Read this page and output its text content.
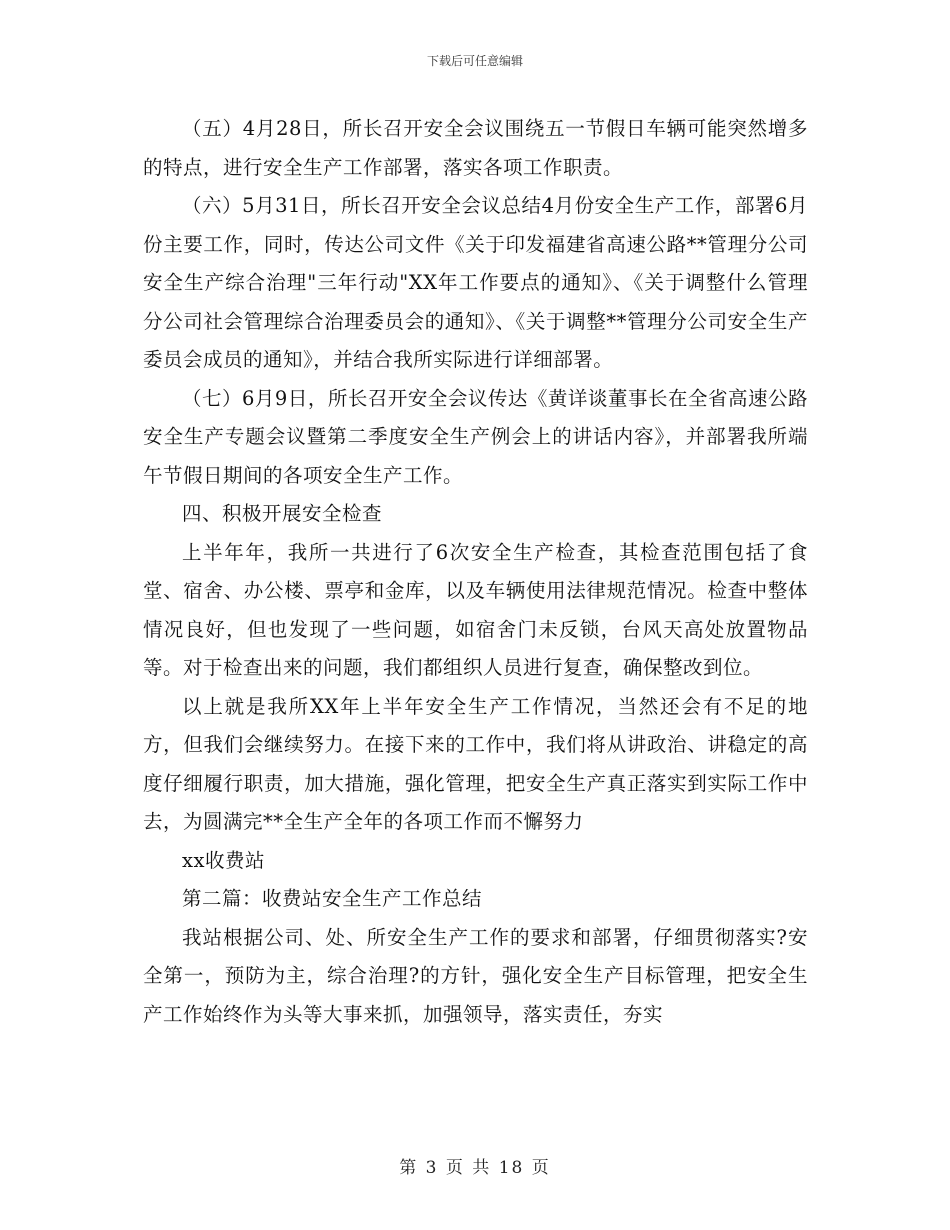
下载后可任意编辑

（五）4月28日，所长召开安全会议围绕五一节假日车辆可能突然增多的特点，进行安全生产工作部署，落实各项工作职责。

（六）5月31日，所长召开安全会议总结4月份安全生产工作，部署6月份主要工作，同时，传达公司文件《关于印发福建省高速公路**管理分公司安全生产综合治理"三年行动"XX年工作要点的通知》、《关于调整什么管理分公司社会管理综合治理委员会的通知》、《关于调整**管理分公司安全生产委员会成员的通知》，并结合我所实际进行详细部署。

（七）6月9日，所长召开安全会议传达《黄详谈董事长在全省高速公路安全生产专题会议暨第二季度安全生产例会上的讲话内容》，并部署我所端午节假日期间的各项安全生产工作。

四、积极开展安全检查

上半年年，我所一共进行了6次安全生产检查，其检查范围包括了食堂、宿舍、办公楼、票亭和金库，以及车辆使用法律规范情况。检查中整体情况良好，但也发现了一些问题，如宿舍门未反锁，台风天高处放置物品等。对于检查出来的问题，我们都组织人员进行复查，确保整改到位。

以上就是我所XX年上半年安全生产工作情况，当然还会有不足的地方，但我们会继续努力。在接下来的工作中，我们将从讲政治、讲稳定的高度仔细履行职责，加大措施，强化管理，把安全生产真正落实到实际工作中去，为圆满完**全生产全年的各项工作而不懈努力

xx收费站

第二篇：收费站安全生产工作总结

我站根据公司、处、所安全生产工作的要求和部署，仔细贯彻落实?安全第一，预防为主，综合治理?的方针，强化安全生产目标管理，把安全生产工作始终作为头等大事来抓，加强领导，落实责任，夯实

第 3 页 共 18 页
